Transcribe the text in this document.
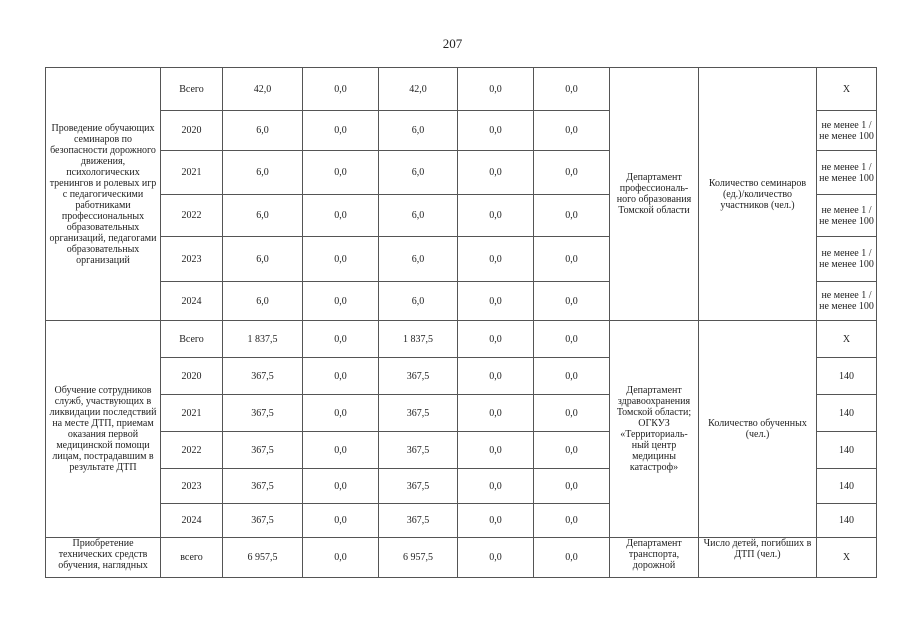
207
Проведение обучающих семинаров по безопасности дорожного движения, психологических тренингов и ролевых игр с педагогическими работниками профессиональных образовательных организаций, педагогами образовательных организаций	Всего	42,0	0,0	42,0	0,0	0,0	Департамент профессиональ-ного образования Томской области	Количество семинаров (ед.)/количество участников (чел.)	Х
	2020	6,0	0,0	6,0	0,0	0,0			не менее 1 / не менее 100
	2021	6,0	0,0	6,0	0,0	0,0			не менее 1 / не менее 100
	2022	6,0	0,0	6,0	0,0	0,0			не менее 1 / не менее 100
	2023	6,0	0,0	6,0	0,0	0,0			не менее 1 / не менее 100
	2024	6,0	0,0	6,0	0,0	0,0			не менее 1 / не менее 100
Обучение сотрудников служб, участвующих в ликвидации последствий на месте ДТП, приемам оказания первой медицинской помощи лицам, пострадавшим в результате ДТП	Всего	1 837,5	0,0	1 837,5	0,0	0,0	Департамент здравоохранения Томской области; ОГКУЗ «Территориаль-ный центр медицины катастроф»	Количество обученных (чел.)	Х
	2020	367,5	0,0	367,5	0,0	0,0			140
	2021	367,5	0,0	367,5	0,0	0,0			140
	2022	367,5	0,0	367,5	0,0	0,0			140
	2023	367,5	0,0	367,5	0,0	0,0			140
	2024	367,5	0,0	367,5	0,0	0,0			140
Приобретение технических средств обучения, наглядных	всего	6 957,5	0,0	6 957,5	0,0	0,0	Департамент транспорта, дорожной	Число детей, погибших в ДТП (чел.)	Х
